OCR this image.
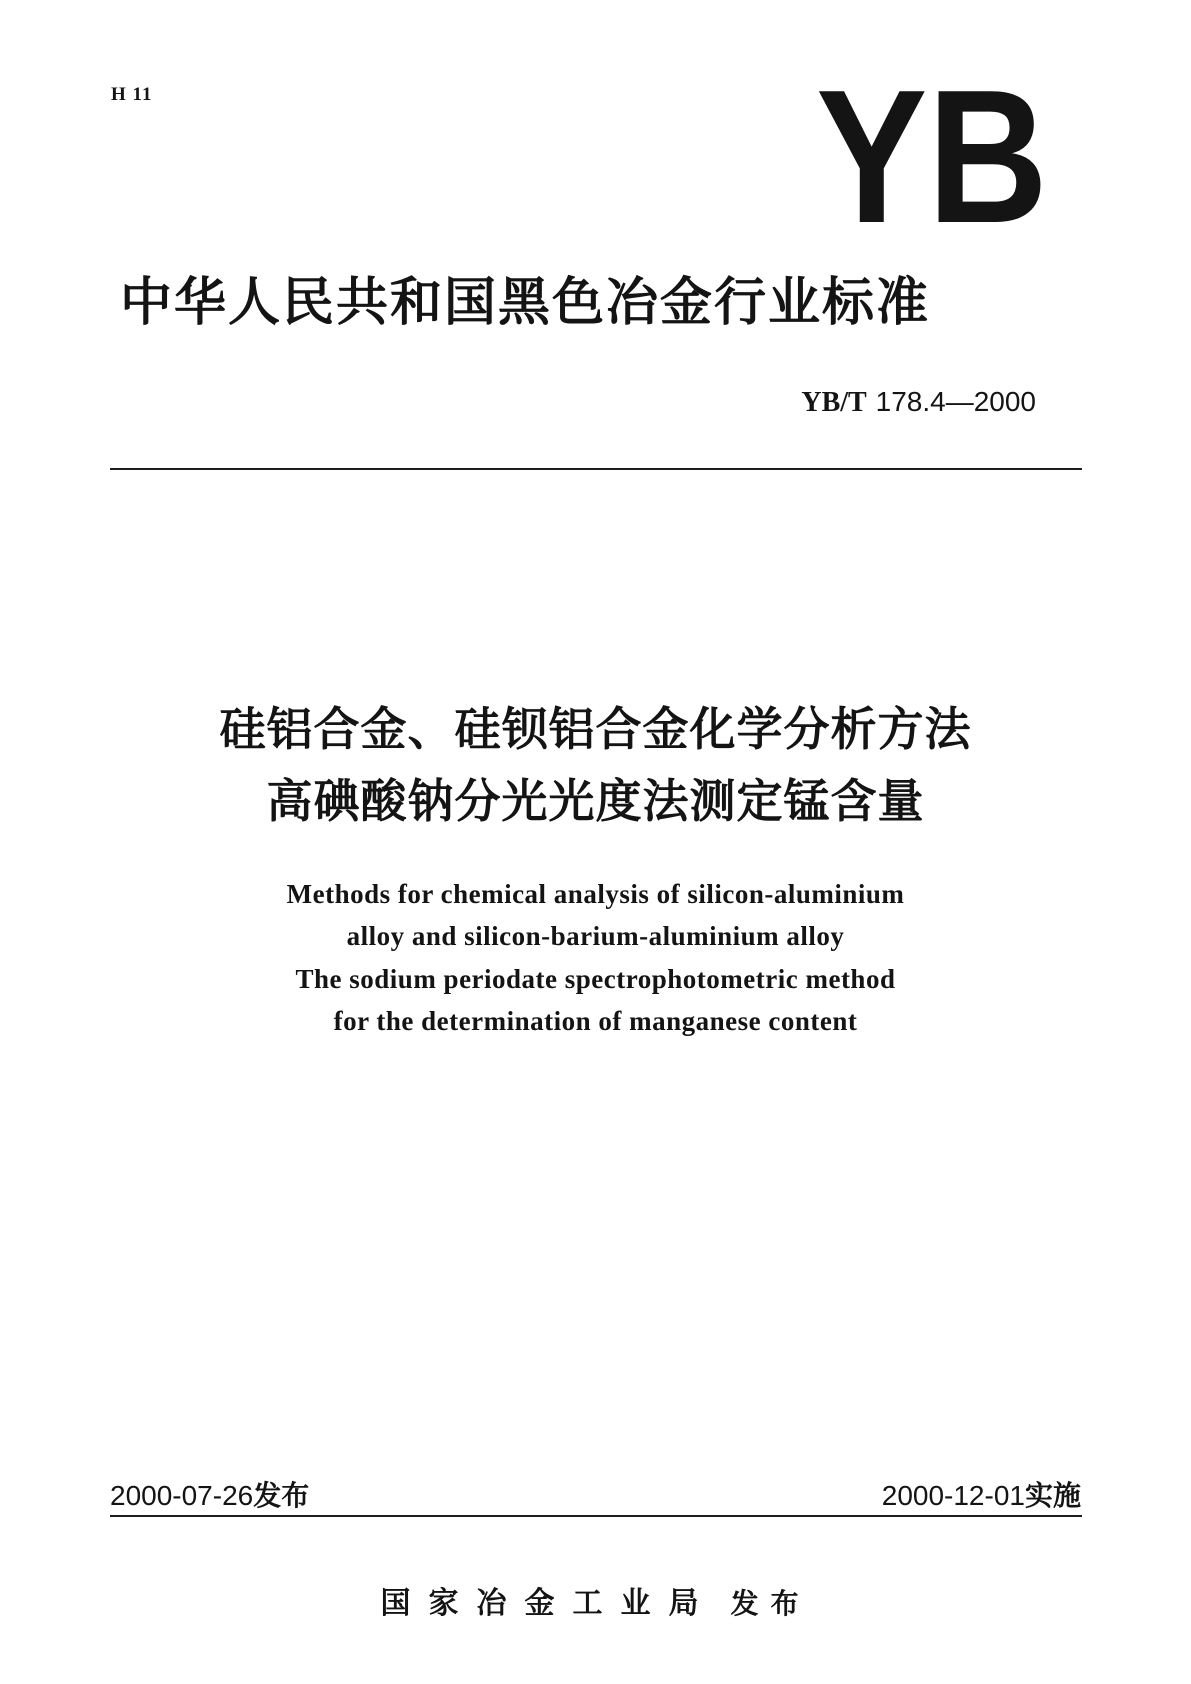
H 11	YB
中华人民共和国黑色冶金行业标准
YB/T 178.4—2000
硅铝合金、硅钡铝合金化学分析方法
高碘酸钠分光光度法测定锰含量
Methods for chemical analysis of silicon-aluminium
alloy and silicon-barium-aluminium alloy
The sodium periodate spectrophotometric method
for the determination of manganese content
2000-07-26发布	2000-12-01实施
国家冶金工业局 发布
